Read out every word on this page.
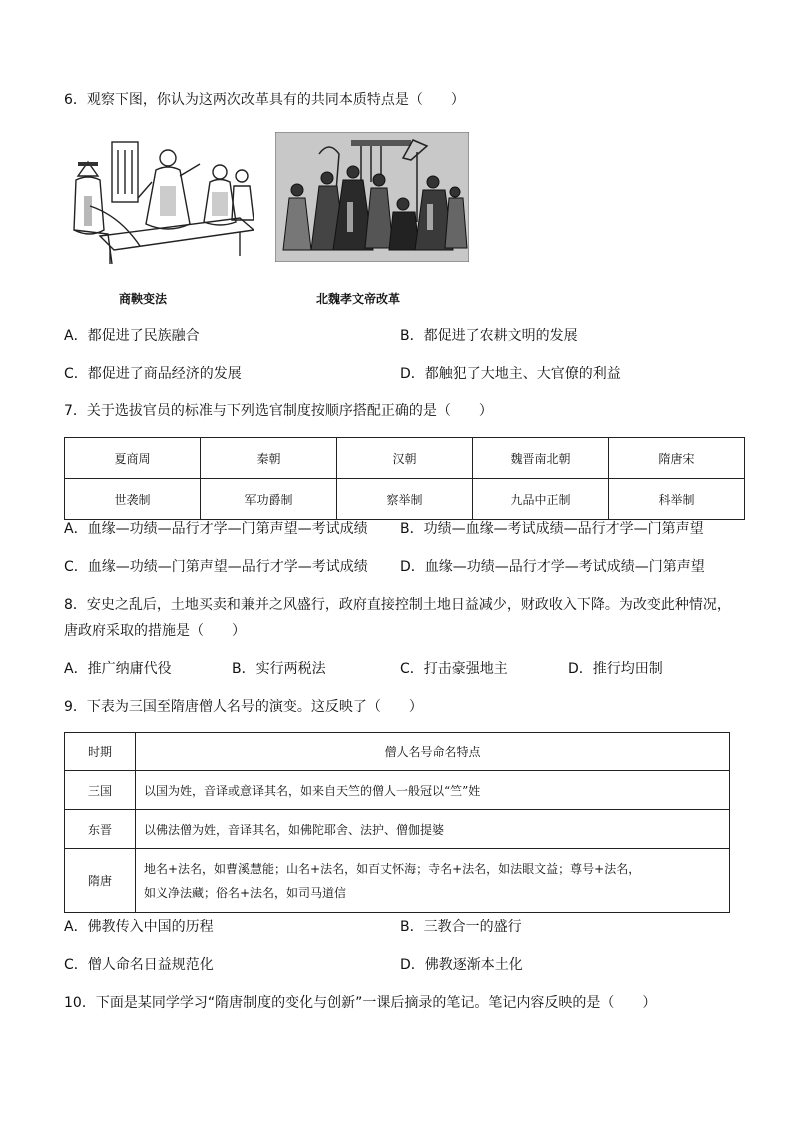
6．观察下图，你认为这两次改革具有的共同本质特点是（　　）
商鞅变法	北魏孝文帝改革
A．都促进了民族融合	B．都促进了农耕文明的发展
C．都促进了商品经济的发展	D．都触犯了大地主、大官僚的利益
7．关于选拔官员的标准与下列选官制度按顺序搭配正确的是（　　）
夏商周	秦朝	汉朝	魏晋南北朝	隋唐宋
世袭制	军功爵制	察举制	九品中正制	科举制
A．血缘—功绩—品行才学—门第声望—考试成绩 B．功绩—血缘—考试成绩—品行才学—门第声望
C．血缘—功绩—门第声望—品行才学—考试成绩 D．血缘—功绩—品行才学—考试成绩—门第声望
8．安史之乱后，土地买卖和兼并之风盛行，政府直接控制土地日益减少，财政收入下降。为改变此种情况，
唐政府采取的措施是（　　）
A．推广纳庸代役	B．实行两税法	C．打击豪强地主	D．推行均田制
9．下表为三国至隋唐僧人名号的演变。这反映了（　　）
时期	僧人名号命名特点
三国	以国为姓，音译或意译其名，如来自天竺的僧人一般冠以“竺”姓
东晋	以佛法僧为姓，音译其名，如佛陀耶舍、法护、僧伽提婆
隋唐	地名+法名，如曹溪慧能；山名+法名，如百丈怀海；寺名+法名，如法眼文益；尊号+法名，
如义净法藏；俗名+法名，如司马道信
A．佛教传入中国的历程	B．三教合一的盛行
C．僧人命名日益规范化	D．佛教逐渐本土化
10．下面是某同学学习“隋唐制度的变化与创新”一课后摘录的笔记。笔记内容反映的是（　　）
